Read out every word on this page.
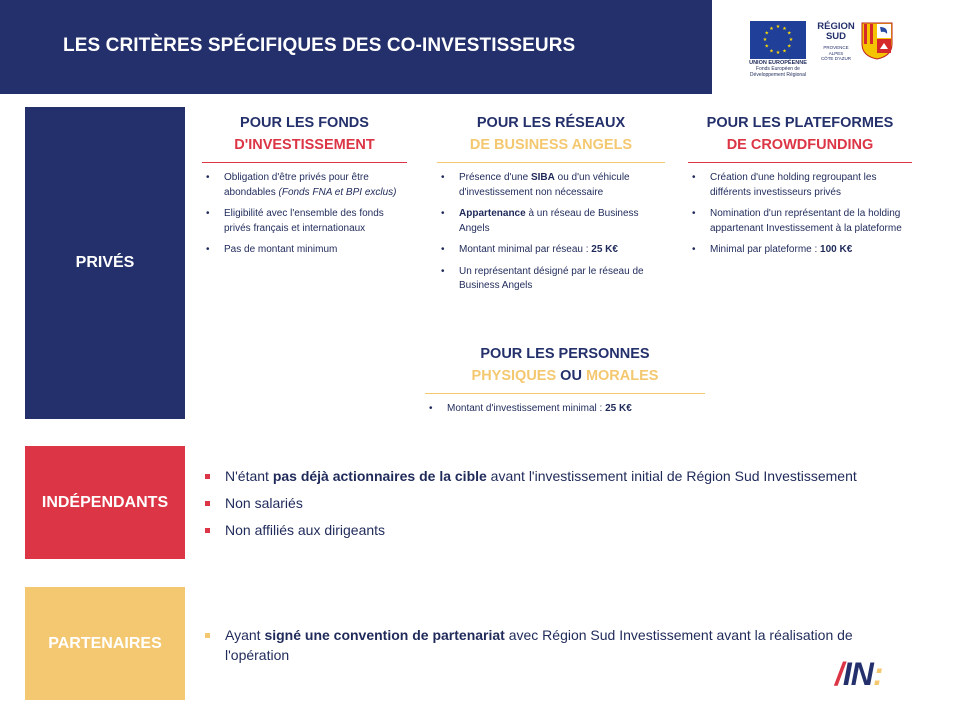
LES CRITÈRES SPÉCIFIQUES DES CO-INVESTISSEURS
★ ★
★
★
★
★
★
★
★
★
★
★
UNION EUROPÉENNE
Fonds Européen de
Développement Régional
RÉGION
SUD
PROVENCE
ALPES
CÔTE D'AZUR
PRIVÉS
INDÉPENDANTS
PARTENAIRES
POUR LES FONDS
D'INVESTISSEMENT
• Obligation d'être privés pour être abondables (Fonds FNA et BPI exclus)
• Eligibilité avec l'ensemble des fonds privés français et internationaux
• Pas de montant minimum
POUR LES RÉSEAUX
DE BUSINESS ANGELS
• Présence d'une SIBA ou d'un véhicule d'investissement non nécessaire
• Appartenance à un réseau de Business Angels
• Montant minimal par réseau : 25 K€
• Un représentant désigné par le réseau de Business Angels
POUR LES PLATEFORMES
DE CROWDFUNDING
• Création d'une holding regroupant les différents investisseurs privés
• Nomination d'un représentant de la holding appartenant Investissement à la plateforme
• Minimal par plateforme : 100 K€
POUR LES PERSONNES
PHYSIQUES OU MORALES
• Montant d'investissement minimal : 25 K€
N'étant pas déjà actionnaires de la cible avant l'investissement initial de Région Sud Investissement
Non salariés
Non affiliés aux dirigeants
Ayant signé une convention de partenariat avec Région Sud Investissement avant la réalisation de l'opération
/IN:
